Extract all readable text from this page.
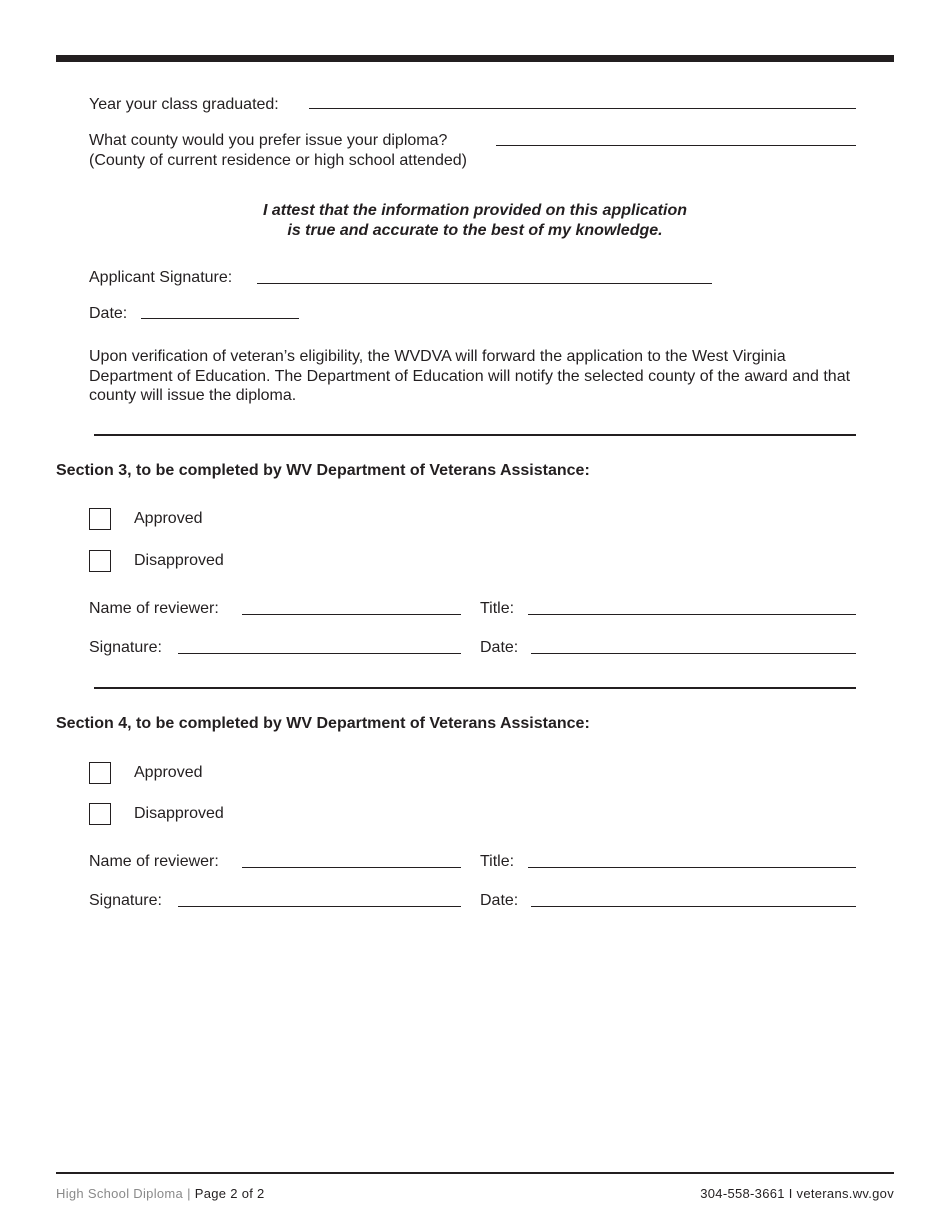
Year your class graduated:
What county would you prefer issue your diploma?
(County of current residence or high school attended)
I attest that the information provided on this application
is true and accurate to the best of my knowledge.
Applicant Signature:
Date:
Upon verification of veteran’s eligibility, the WVDVA will forward the application to the West Virginia Department of Education. The Department of Education will notify the selected county of the award and that county will issue the diploma.
Section 3, to be completed by WV Department of Veterans Assistance:
Approved
Disapproved
Name of reviewer:	Title:
Signature:	Date:
Section 4, to be completed by WV Department of Veterans Assistance:
Approved
Disapproved
Name of reviewer:	Title:
Signature:	Date:
High School Diploma | Page 2 of 2	304-558-3661 I veterans.wv.gov
